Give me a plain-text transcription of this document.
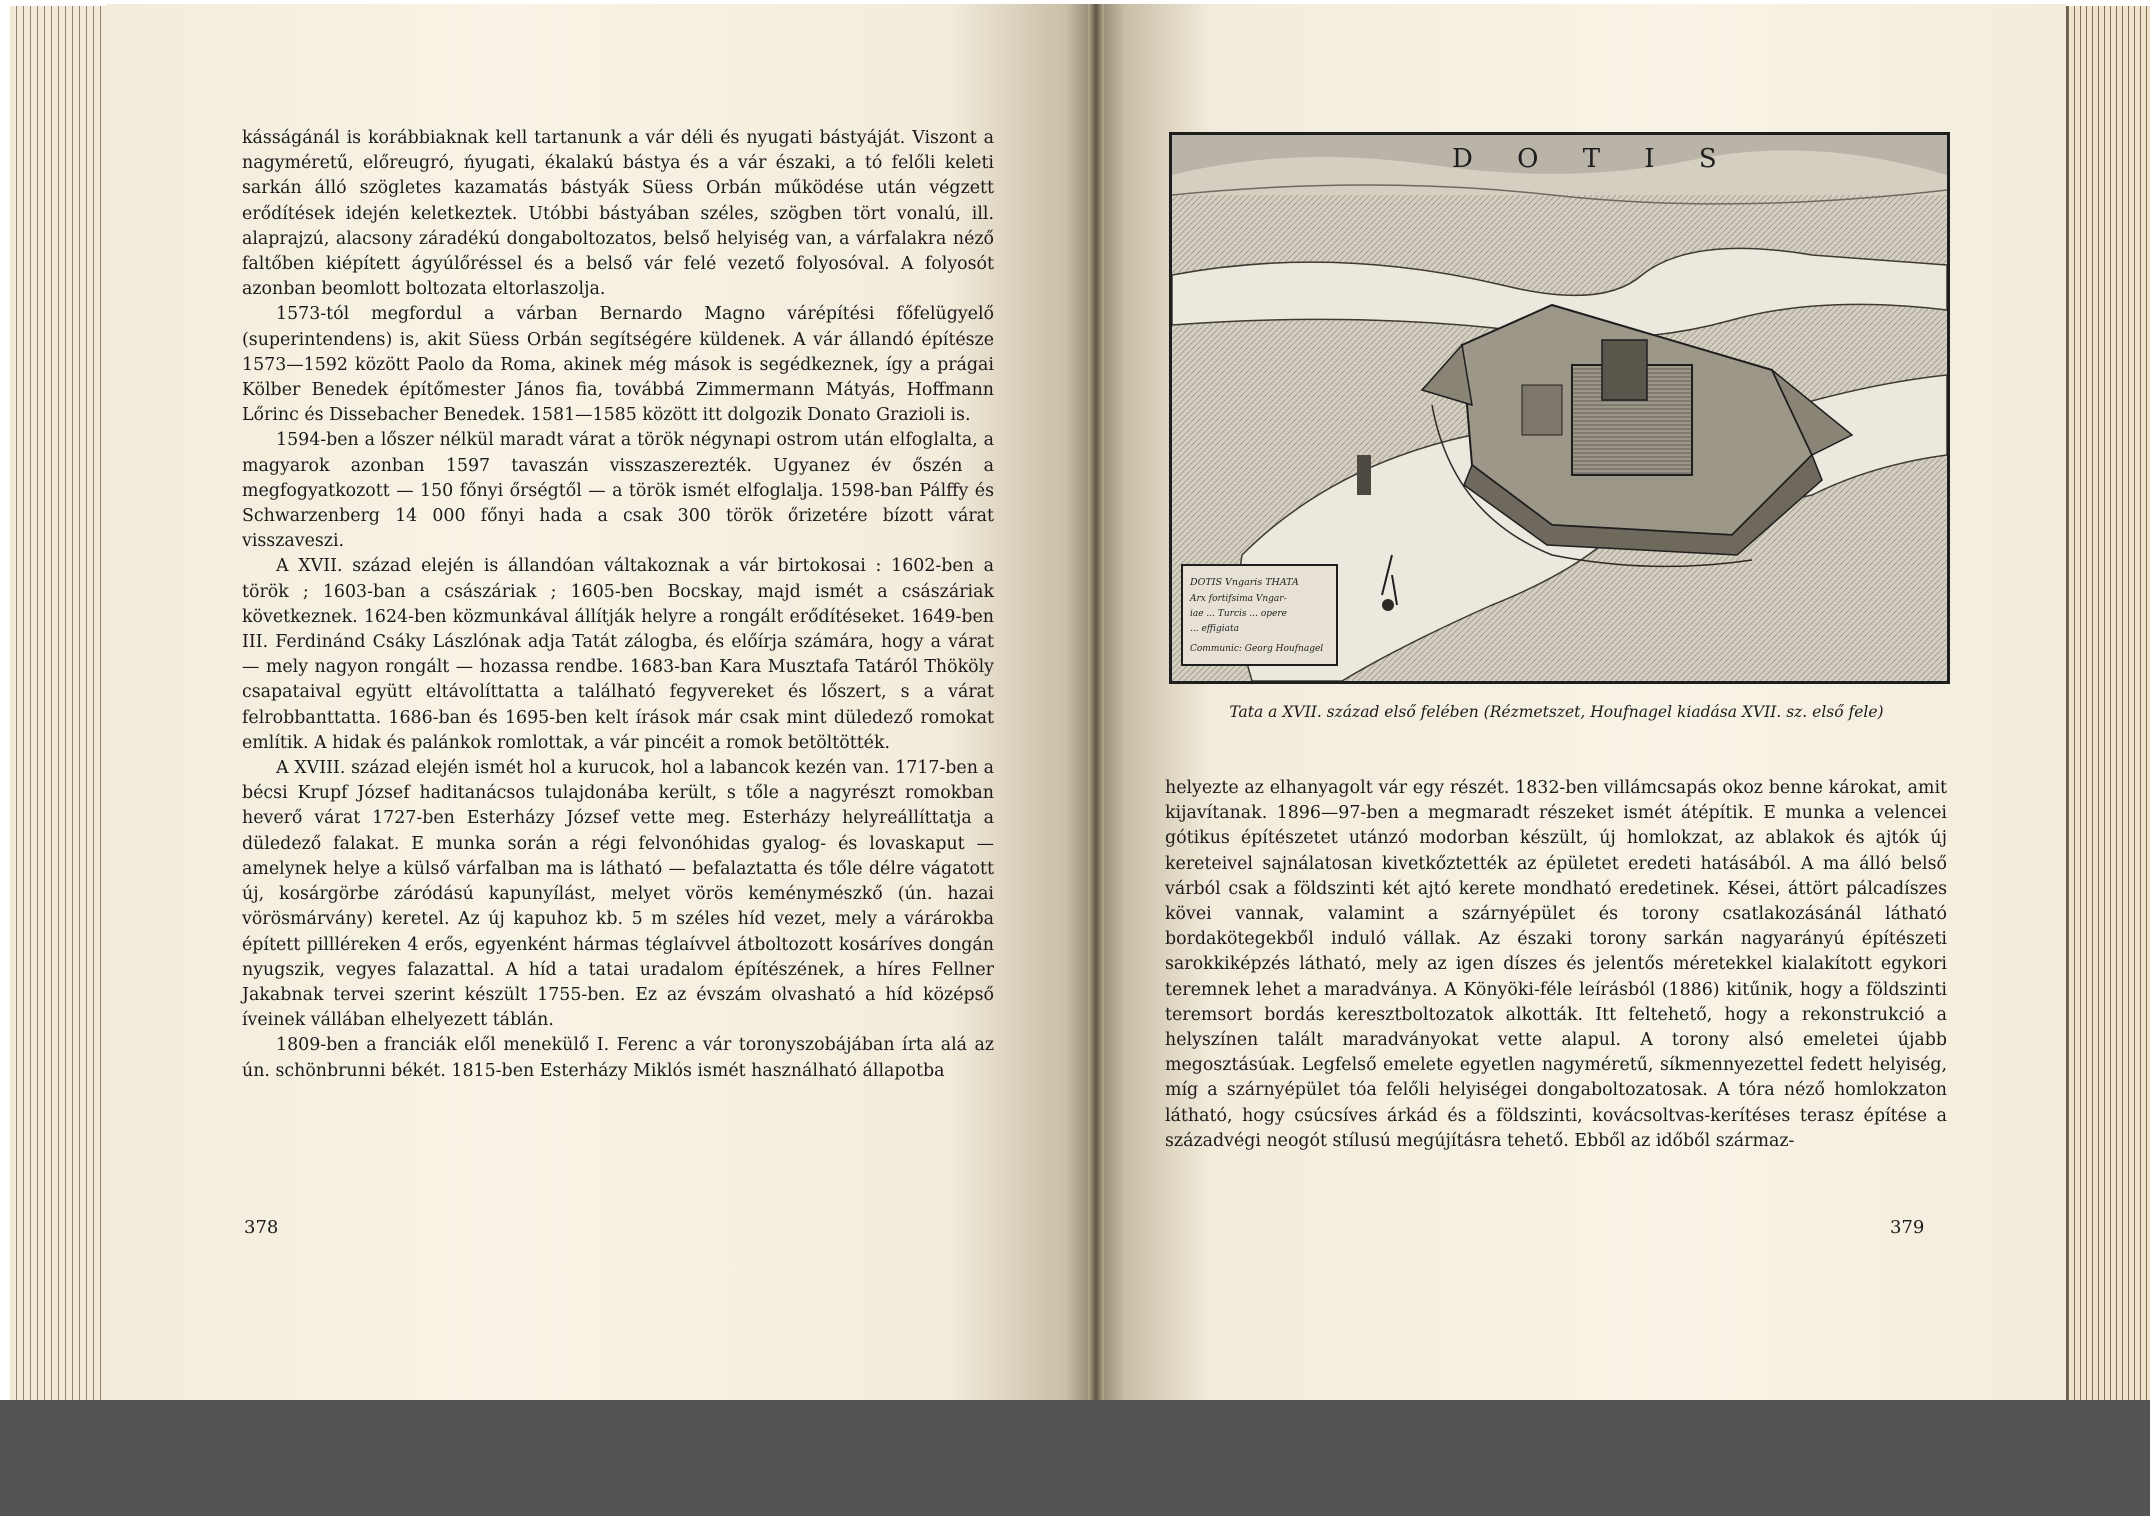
kásságánál is korábbiaknak kell tartanunk a vár déli és nyugati bástyáját. Viszont a nagyméretű, előreugró, ńyugati, ékalakú bástya és a vár északi, a tó felőli keleti sarkán álló szögletes kazamatás bástyák Süess Orbán működése után végzett erődítések idején keletkeztek. Utóbbi bástyában széles, szögben tört vonalú, ill. alaprajzú, alacsony záradékú dongaboltozatos, belső helyiség van, a várfalakra néző faltőben kiépített ágyúlőréssel és a belső vár felé vezető folyosóval. A folyosót azonban beomlott boltozata eltorlaszolja.

1573-tól megfordul a várban Bernardo Magno várépítési főfelügyelő (superintendens) is, akit Süess Orbán segítségére küldenek. A vár állandó építésze 1573—1592 között Paolo da Roma, akinek még mások is segédkeznek, így a prágai Kölber Benedek építőmester János fia, továbbá Zimmermann Mátyás, Hoffmann Lőrinc és Dissebacher Benedek. 1581—1585 között itt dolgozik Donato Grazioli is.

1594-ben a lőszer nélkül maradt várat a török négynapi ostrom után elfoglalta, a magyarok azonban 1597 tavaszán visszaszerezték. Ugyanez év őszén a megfogyatkozott — 150 főnyi őrségtől — a török ismét elfoglalja. 1598-ban Pálffy és Schwarzenberg 14 000 főnyi hada a csak 300 török őrizetére bízott várat visszaveszi.

A XVII. század elején is állandóan váltakoznak a vár birtokosai : 1602-ben a török ; 1603-ban a császáriak ; 1605-ben Bocskay, majd ismét a császáriak következnek. 1624-ben közmunkával állítják helyre a rongált erődítéseket. 1649-ben III. Ferdinánd Csáky Lászlónak adja Tatát zálogba, és előírja számára, hogy a várat — mely nagyon rongált — hozassa rendbe. 1683-ban Kara Musztafa Tatáról Thököly csapataival együtt eltávolíttatta a található fegyvereket és lőszert, s a várat felrobbanttatta. 1686-ban és 1695-ben kelt írások már csak mint düledező romokat említik. A hidak és palánkok romlottak, a vár pincéit a romok betöltötték.

A XVIII. század elején ismét hol a kurucok, hol a labancok kezén van. 1717-ben a bécsi Krupf József haditanácsos tulajdonába került, s tőle a nagyrészt romokban heverő várat 1727-ben Esterházy József vette meg. Esterházy helyreállíttatja a düledező falakat. E munka során a régi felvonóhidas gyalog- és lovaskaput — amelynek helye a külső várfalban ma is látható — befalaztatta és tőle délre vágatott új, kosárgörbe záródású kapunyílást, melyet vörös keménymészkő (ún. hazai vörösmárvány) keretel. Az új kapuhoz kb. 5 m széles híd vezet, mely a várárokba épített pillléreken 4 erős, egyenként hármas téglaívvel átboltozott kosáríves dongán nyugszik, vegyes falazattal. A híd a tatai uradalom építészének, a híres Fellner Jakabnak tervei szerint készült 1755-ben. Ez az évszám olvasható a híd középső íveinek vállában elhelyezett táblán.

1809-ben a franciák elől menekülő I. Ferenc a vár toronyszobájában írta alá az ún. schönbrunni békét. 1815-ben Esterházy Miklós ismét használható állapotba

378
D O T I S
DOTIS Vngaris THATA
Arx fortifsima Vngar-
iae ... Turcis ... opere
... effigiata
Communic: Georg Houfnagel
Tata a XVII. század első felében (Rézmetszet, Houfnagel kiadása XVII. sz. első fele)

helyezte az elhanyagolt vár egy részét. 1832-ben villámcsapás okoz benne károkat, amit kijavítanak. 1896—97-ben a megmaradt részeket ismét átépítik. E munka a velencei gótikus építészetet utánzó modorban készült, új homlokzat, az ablakok és ajtók új kereteivel sajnálatosan kivetkőztették az épületet eredeti hatásából. A ma álló belső várból csak a földszinti két ajtó kerete mondható eredetinek. Kései, áttört pálcadíszes kövei vannak, valamint a szárnyépület és torony csatlakozásánál látható bordakötegekből induló vállak. Az északi torony sarkán nagyarányú építészeti sarokkiképzés látható, mely az igen díszes és jelentős méretekkel kialakított egykori teremnek lehet a maradványa. A Könyöki-féle leírásból (1886) kitűnik, hogy a földszinti teremsort bordás keresztboltozatok alkották. Itt feltehető, hogy a rekonstrukció a helyszínen talált maradványokat vette alapul. A torony alsó emeletei újabb megosztásúak. Legfelső emelete egyetlen nagyméretű, síkmennyezettel fedett helyiség, míg a szárnyépület tóa felőli helyiségei dongaboltozatosak. A tóra néző homlokzaton látható, hogy csúcsíves árkád és a földszinti, kovácsoltvas-kerítéses terasz építése a századvégi neogót stílusú megújításra tehető. Ebből az időből származ-

379
